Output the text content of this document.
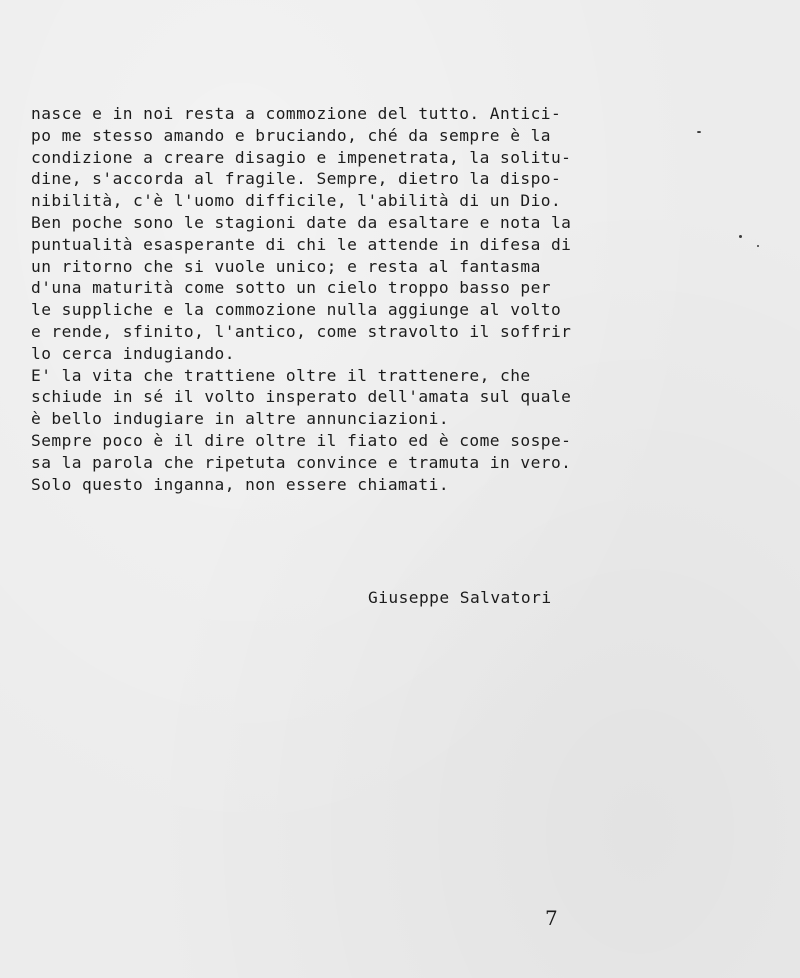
nasce e in noi resta a commozione del tutto. Antici-
po me stesso amando e bruciando, ché da sempre è la
condizione a creare disagio e impenetrata, la solitu-
dine, s'accorda al fragile. Sempre, dietro la dispo-
nibilità, c'è l'uomo difficile, l'abilità di un Dio.
Ben poche sono le stagioni date da esaltare e nota la
puntualità esasperante di chi le attende in difesa di
un ritorno che si vuole unico; e resta al fantasma
d'una maturità come sotto un cielo troppo basso per
le suppliche e la commozione nulla aggiunge al volto
e rende, sfinito, l'antico, come stravolto il soffrir
lo cerca indugiando.
E' la vita che trattiene oltre il trattenere, che
schiude in sé il volto insperato dell'amata sul quale
è bello indugiare in altre annunciazioni.
Sempre poco è il dire oltre il fiato ed è come sospe-
sa la parola che ripetuta convince e tramuta in vero.
Solo questo inganna, non essere chiamati.
Giuseppe Salvatori
7
